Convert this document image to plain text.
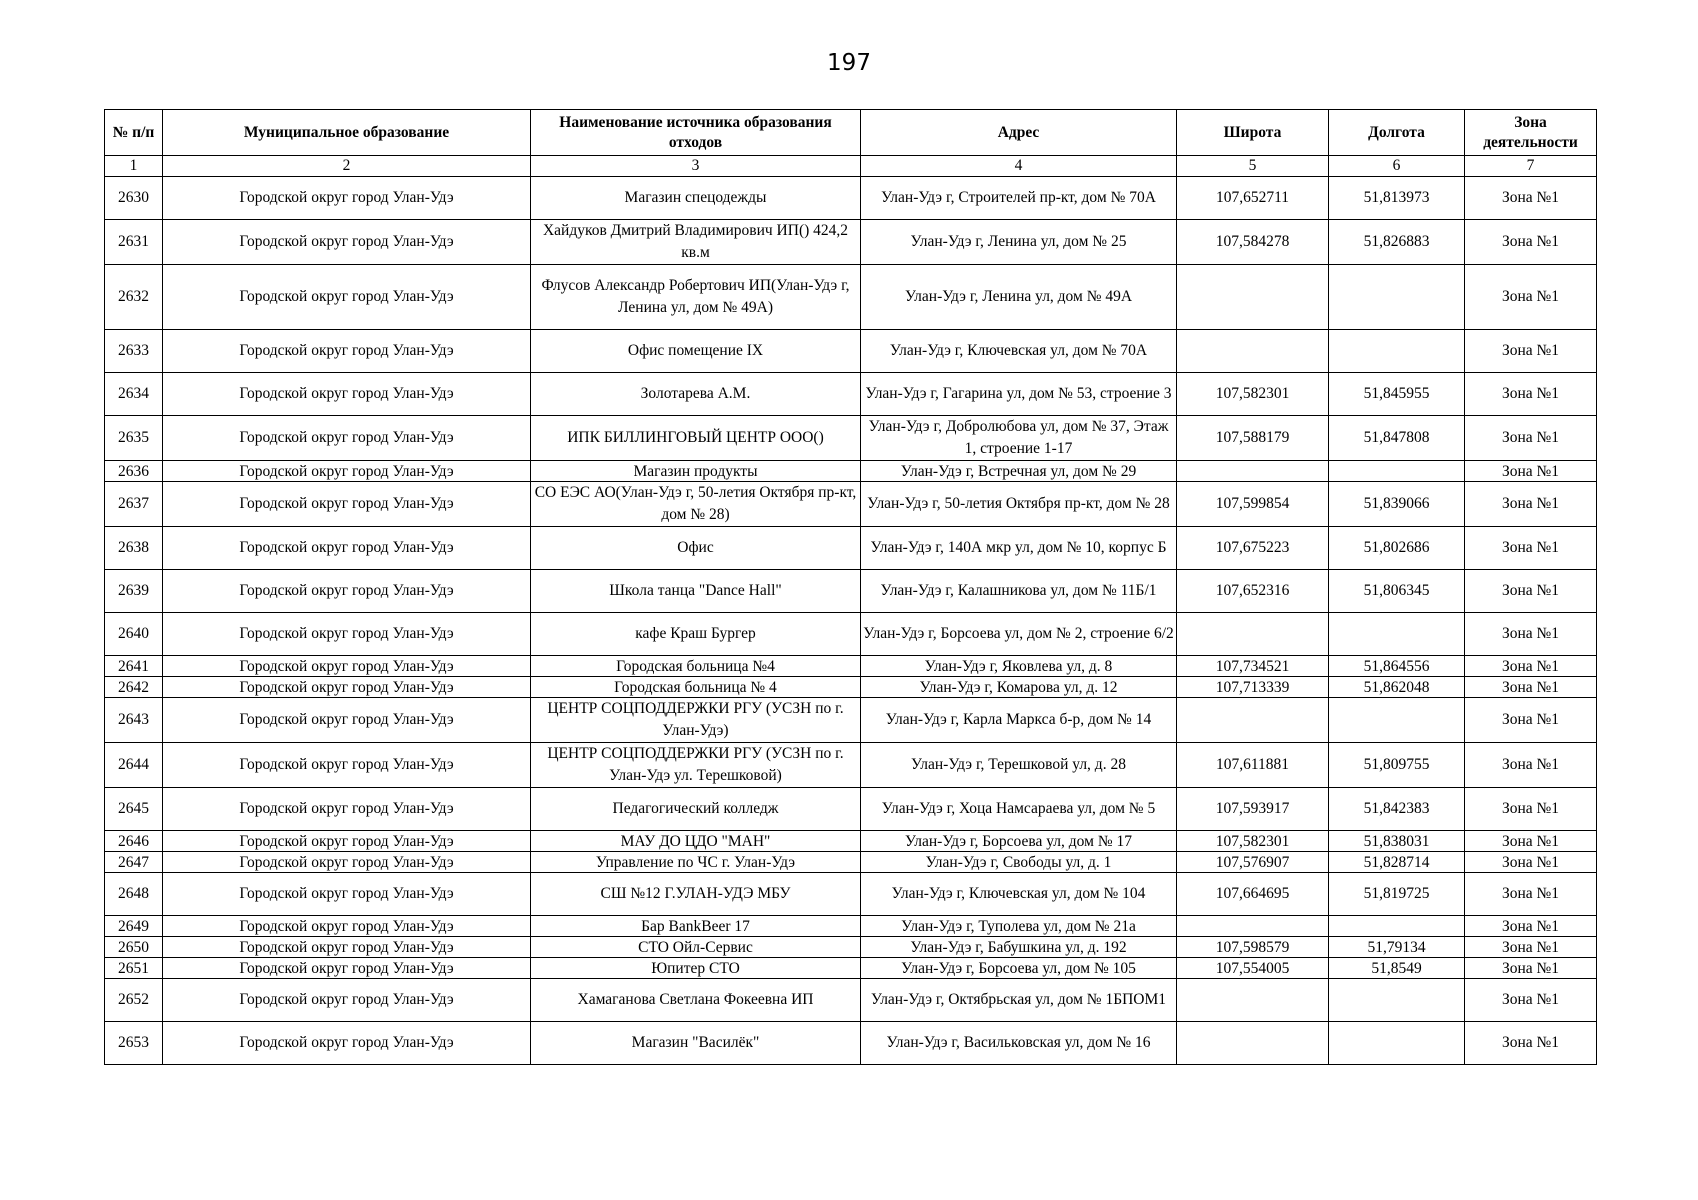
197
№ п/п	Муниципальное образование	Наименование источника образования отходов	Адрес	Широта	Долгота	Зона деятельности
1	2	3	4	5	6	7
2630	Городской округ город Улан-Удэ	Магазин спецодежды	Улан-Удэ г, Строителей пр-кт, дом № 70А	107,652711	51,813973	Зона №1
2631	Городской округ город Улан-Удэ	Хайдуков Дмитрий Владимирович ИП() 424,2 кв.м	Улан-Удэ г, Ленина ул, дом № 25	107,584278	51,826883	Зона №1
2632	Городской округ город Улан-Удэ	Флусов Александр Робертович ИП(Улан-Удэ г, Ленина ул, дом № 49А)	Улан-Удэ г, Ленина ул, дом № 49А			Зона №1
2633	Городской округ город Улан-Удэ	Офис помещение IX	Улан-Удэ г, Ключевская ул, дом № 70А			Зона №1
2634	Городской округ город Улан-Удэ	Золотарева А.М.	Улан-Удэ г, Гагарина ул, дом № 53, строение 3	107,582301	51,845955	Зона №1
2635	Городской округ город Улан-Удэ	ИПК БИЛЛИНГОВЫЙ ЦЕНТР ООО()	Улан-Удэ г, Добролюбова ул, дом № 37, Этаж 1, строение 1-17	107,588179	51,847808	Зона №1
2636	Городской округ город Улан-Удэ	Магазин продукты	Улан-Удэ г, Встречная ул, дом № 29			Зона №1
2637	Городской округ город Улан-Удэ	СО ЕЭС АО(Улан-Удэ г, 50-летия Октября пр-кт, дом № 28)	Улан-Удэ г, 50-летия Октября пр-кт, дом № 28	107,599854	51,839066	Зона №1
2638	Городской округ город Улан-Удэ	Офис	Улан-Удэ г, 140А мкр ул, дом № 10, корпус Б	107,675223	51,802686	Зона №1
2639	Городской округ город Улан-Удэ	Школа танца "Dance Hall"	Улан-Удэ г, Калашникова ул, дом № 11Б/1	107,652316	51,806345	Зона №1
2640	Городской округ город Улан-Удэ	кафе Краш Бургер	Улан-Удэ г, Борсоева ул, дом № 2, строение 6/2			Зона №1
2641	Городской округ город Улан-Удэ	Городская больница №4	Улан-Удэ г, Яковлева ул, д. 8	107,734521	51,864556	Зона №1
2642	Городской округ город Улан-Удэ	Городская больница № 4	Улан-Удэ г, Комарова ул, д. 12	107,713339	51,862048	Зона №1
2643	Городской округ город Улан-Удэ	ЦЕНТР СОЦПОДДЕРЖКИ РГУ (УСЗН по г. Улан-Удэ)	Улан-Удэ г, Карла Маркса б-р, дом № 14			Зона №1
2644	Городской округ город Улан-Удэ	ЦЕНТР СОЦПОДДЕРЖКИ РГУ (УСЗН по г. Улан-Удэ ул. Терешковой)	Улан-Удэ г, Терешковой ул, д. 28	107,611881	51,809755	Зона №1
2645	Городской округ город Улан-Удэ	Педагогический колледж	Улан-Удэ г, Хоца Намсараева ул, дом № 5	107,593917	51,842383	Зона №1
2646	Городской округ город Улан-Удэ	МАУ ДО ЦДО "МАН"	Улан-Удэ г, Борсоева ул, дом № 17	107,582301	51,838031	Зона №1
2647	Городской округ город Улан-Удэ	Управление по ЧС г. Улан-Удэ	Улан-Удэ г, Свободы ул, д. 1	107,576907	51,828714	Зона №1
2648	Городской округ город Улан-Удэ	СШ №12 Г.УЛАН-УДЭ МБУ	Улан-Удэ г, Ключевская ул, дом № 104	107,664695	51,819725	Зона №1
2649	Городской округ город Улан-Удэ	Бар BankBeer 17	Улан-Удэ г, Туполева ул, дом № 21а			Зона №1
2650	Городской округ город Улан-Удэ	СТО Ойл-Сервис	Улан-Удэ г, Бабушкина ул, д. 192	107,598579	51,79134	Зона №1
2651	Городской округ город Улан-Удэ	Юпитер СТО	Улан-Удэ г, Борсоева ул, дом № 105	107,554005	51,8549	Зона №1
2652	Городской округ город Улан-Удэ	Хамаганова Светлана Фокеевна ИП	Улан-Удэ г, Октябрьская ул, дом № 1БПОМ1			Зона №1
2653	Городской округ город Улан-Удэ	Магазин "Василёк"	Улан-Удэ г, Васильковская ул, дом № 16			Зона №1
